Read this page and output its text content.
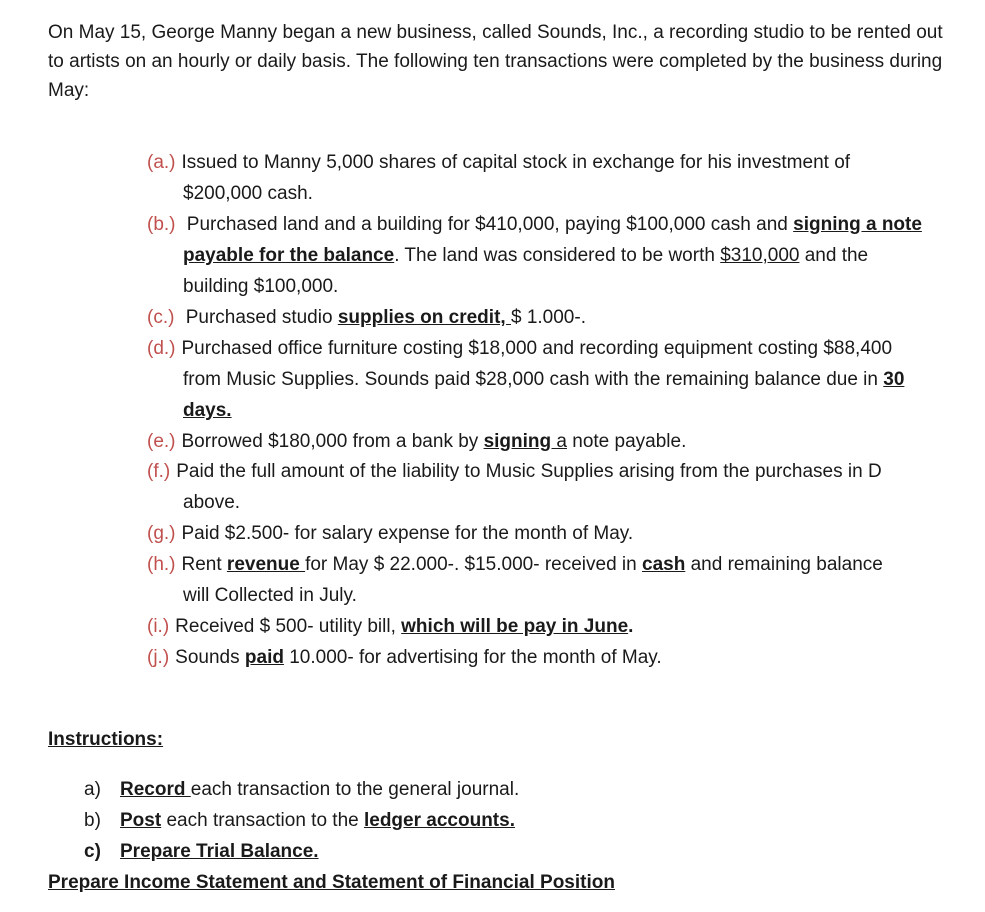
On May 15, George Manny began a new business, called Sounds, Inc., a recording studio to be rented out to artists on an hourly or daily basis. The following ten transactions were completed by the business during May:
(a.) Issued to Manny 5,000 shares of capital stock in exchange for his investment of
$200,000 cash.
(b.) Purchased land and a building for $410,000, paying $100,000 cash and signing a note
payable for the balance. The land was considered to be worth $310,000 and the
building $100,000.
(c.) Purchased studio supplies on credit, $ 1.000-.
(d.) Purchased office furniture costing $18,000 and recording equipment costing $88,400
from Music Supplies. Sounds paid $28,000 cash with the remaining balance due in 30
days.
(e.) Borrowed $180,000 from a bank by signing a note payable.
(f.) Paid the full amount of the liability to Music Supplies arising from the purchases in D
above.
(g.) Paid $2.500- for salary expense for the month of May.
(h.) Rent revenue for May $ 22.000-. $15.000- received in cash and remaining balance
will Collected in July.
(i.) Received $ 500- utility bill, which will be pay in June.
(j.) Sounds paid 10.000- for advertising for the month of May.
Instructions:
a) Record each transaction to the general journal.
b) Post each transaction to the ledger accounts.
c) Prepare Trial Balance.
Prepare Income Statement and Statement of Financial Position
